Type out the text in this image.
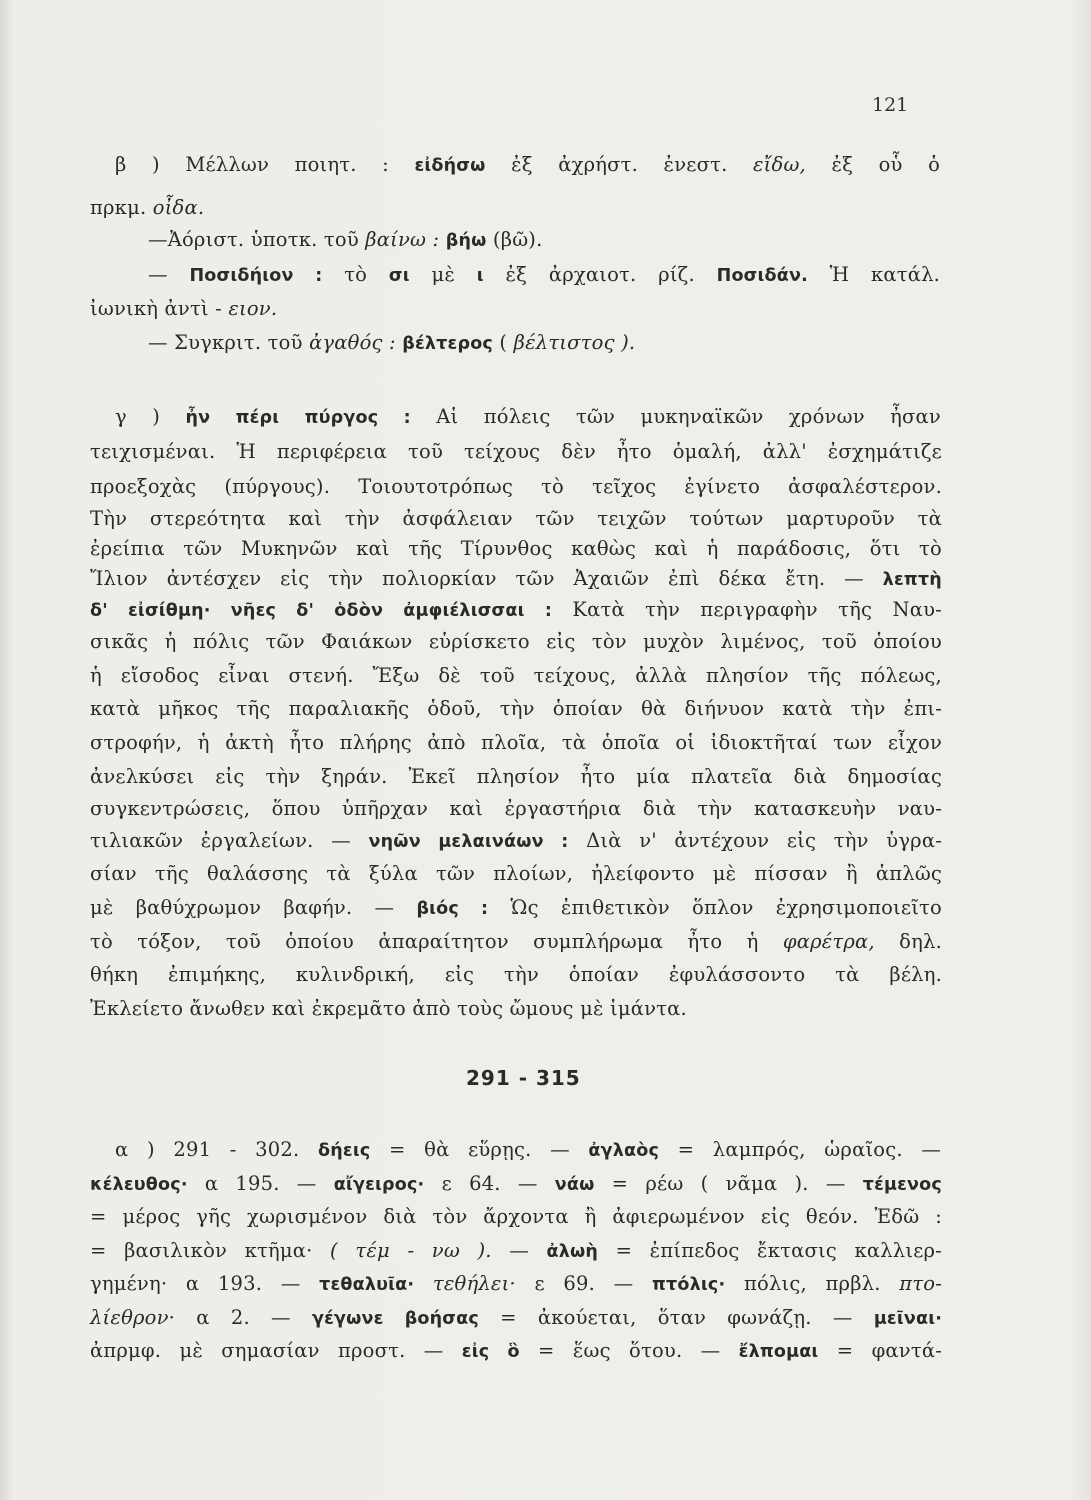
121
β ) Μέλλων ποιητ. : εἰδήσω ἐξ ἀχρήστ. ἐνεστ. εἴδω, ἐξ οὗ ὁ
πρκμ. οἶδα.
—Ἀόριστ. ὑποτκ. τοῦ βαίνω : βήω (βῶ).
— Ποσιδήιον : τὸ σι μὲ ι ἐξ ἀρχαιοτ. ρίζ. Ποσιδάν. Ἡ κατάλ.
ἰωνικὴ ἀντὶ - ειον.
— Συγκριτ. τοῦ ἀγαθός : βέλτερος ( βέλτιστος ).
γ ) ἦν πέρι πύργος : Αἱ πόλεις τῶν μυκηναϊκῶν χρόνων ἦσαν
τειχισμέναι. Ἡ περιφέρεια τοῦ τείχους δὲν ἦτο ὁμαλή, ἀλλ' ἐσχημάτιζε
προεξοχὰς (πύργους). Τοιουτοτρόπως τὸ τεῖχος ἐγίνετο ἀσφαλέστερον.
Τὴν στερεότητα καὶ τὴν ἀσφάλειαν τῶν τειχῶν τούτων μαρτυροῦν τὰ
ἐρείπια τῶν Μυκηνῶν καὶ τῆς Τίρυνθος καθὼς καὶ ἡ παράδοσις, ὅτι τὸ
Ἴλιον ἀντέσχεν εἰς τὴν πολιορκίαν τῶν Ἀχαιῶν ἐπὶ δέκα ἔτη. — λεπτὴ
δ' εἰσίθμη· νῆες δ' ὁδὸν ἀμφιέλισσαι : Κατὰ τὴν περιγραφὴν τῆς Ναυ-
σικᾶς ἡ πόλις τῶν Φαιάκων εὑρίσκετο εἰς τὸν μυχὸν λιμένος, τοῦ ὁποίου
ἡ εἴσοδος εἶναι στενή. Ἔξω δὲ τοῦ τείχους, ἀλλὰ πλησίον τῆς πόλεως,
κατὰ μῆκος τῆς παραλιακῆς ὁδοῦ, τὴν ὁποίαν θὰ διήνυον κατὰ τὴν ἐπι-
στροφήν, ἡ ἀκτὴ ἦτο πλήρης ἀπὸ πλοῖα, τὰ ὁποῖα οἱ ἰδιοκτῆταί των εἶχον
ἀνελκύσει εἰς τὴν ξηράν. Ἐκεῖ πλησίον ἦτο μία πλατεῖα διὰ δημοσίας
συγκεντρώσεις, ὅπου ὑπῆρχαν καὶ ἐργαστήρια διὰ τὴν κατασκευὴν ναυ-
τιλιακῶν ἐργαλείων. — νηῶν μελαινάων : Διὰ ν' ἀντέχουν εἰς τὴν ὑγρα-
σίαν τῆς θαλάσσης τὰ ξύλα τῶν πλοίων, ἠλείφοντο μὲ πίσσαν ἢ ἁπλῶς
μὲ βαθύχρωμον βαφήν. — βιός : Ὡς ἐπιθετικὸν ὅπλον ἐχρησιμοποιεῖτο
τὸ τόξον, τοῦ ὁποίου ἀπαραίτητον συμπλήρωμα ἦτο ἡ φαρέτρα, δηλ.
θήκη ἐπιμήκης, κυλινδρική, εἰς τὴν ὁποίαν ἐφυλάσσοντο τὰ βέλη.
Ἐκλείετο ἄνωθεν καὶ ἐκρεμᾶτο ἀπὸ τοὺς ὤμους μὲ ἱμάντα.
291 - 315
α ) 291 - 302. δήεις = θὰ εὕρῃς. — ἀγλαὸς = λαμπρός, ὡραῖος. —
κέλευθος· α 195. — αἴγειρος· ε 64. — νάω = ρέω ( νᾶμα ). — τέμενος
= μέρος γῆς χωρισμένον διὰ τὸν ἄρχοντα ἢ ἀφιερωμένον εἰς θεόν. Ἐδῶ :
= βασιλικὸν κτῆμα· ( τέμ - νω ). — ἀλωὴ = ἐπίπεδος ἔκτασις καλλιερ-
γημένη· α 193. — τεθαλυῖα· τεθήλει· ε 69. — πτόλις· πόλις, πρβλ. πτο-
λίεθρον· α 2. — γέγωνε βοήσας = ἀκούεται, ὅταν φωνάζῃ. — μεῖναι·
ἀπρμφ. μὲ σημασίαν προστ. — εἰς ὃ = ἕως ὅτου. — ἔλπομαι = φαντά-
